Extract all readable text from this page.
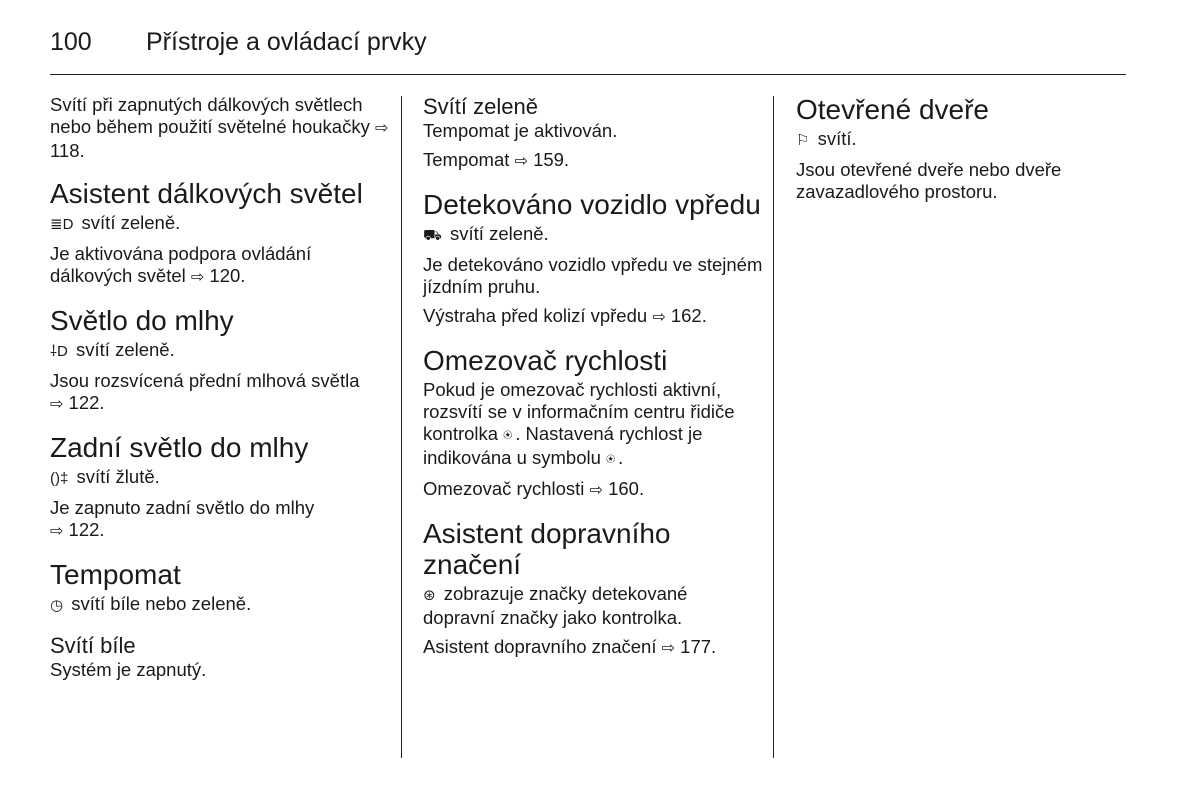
100 Přístroje a ovládací prvky

Svítí při zapnutých dálkových světlech nebo během použití světelné houkačky ⇨ 118.

Asistent dálkových světel

≣D svítí zeleně.

Je aktivována podpora ovládání dálkových světel ⇨ 120.

Světlo do mlhy

⸸D svítí zeleně.

Jsou rozsvícená přední mlhová světla
⇨ 122.

Zadní světlo do mlhy

()‡ svítí žlutě.

Je zapnuto zadní světlo do mlhy
⇨ 122.

Tempomat

◷ svítí bíle nebo zeleně.

Svítí bíle

Systém je zapnutý.

Svítí zeleně

Tempomat je aktivován.

Tempomat ⇨ 159.

Detekováno vozidlo vpředu

⛟ svítí zeleně.

Je detekováno vozidlo vpředu ve stejném jízdním pruhu.

Výstraha před kolizí vpředu ⇨ 162.

Omezovač rychlosti

Pokud je omezovač rychlosti aktivní, rozsvítí se v informačním centru řidiče kontrolka ⍟ . Nastavená rychlost je indikována u symbolu ⍟ .

Omezovač rychlosti ⇨ 160.

Asistent dopravního značení

⊛ zobrazuje značky detekované dopravní značky jako kontrolka.

Asistent dopravního značení ⇨ 177.

Otevřené dveře

⚐ svítí.

Jsou otevřené dveře nebo dveře zavazadlového prostoru.
